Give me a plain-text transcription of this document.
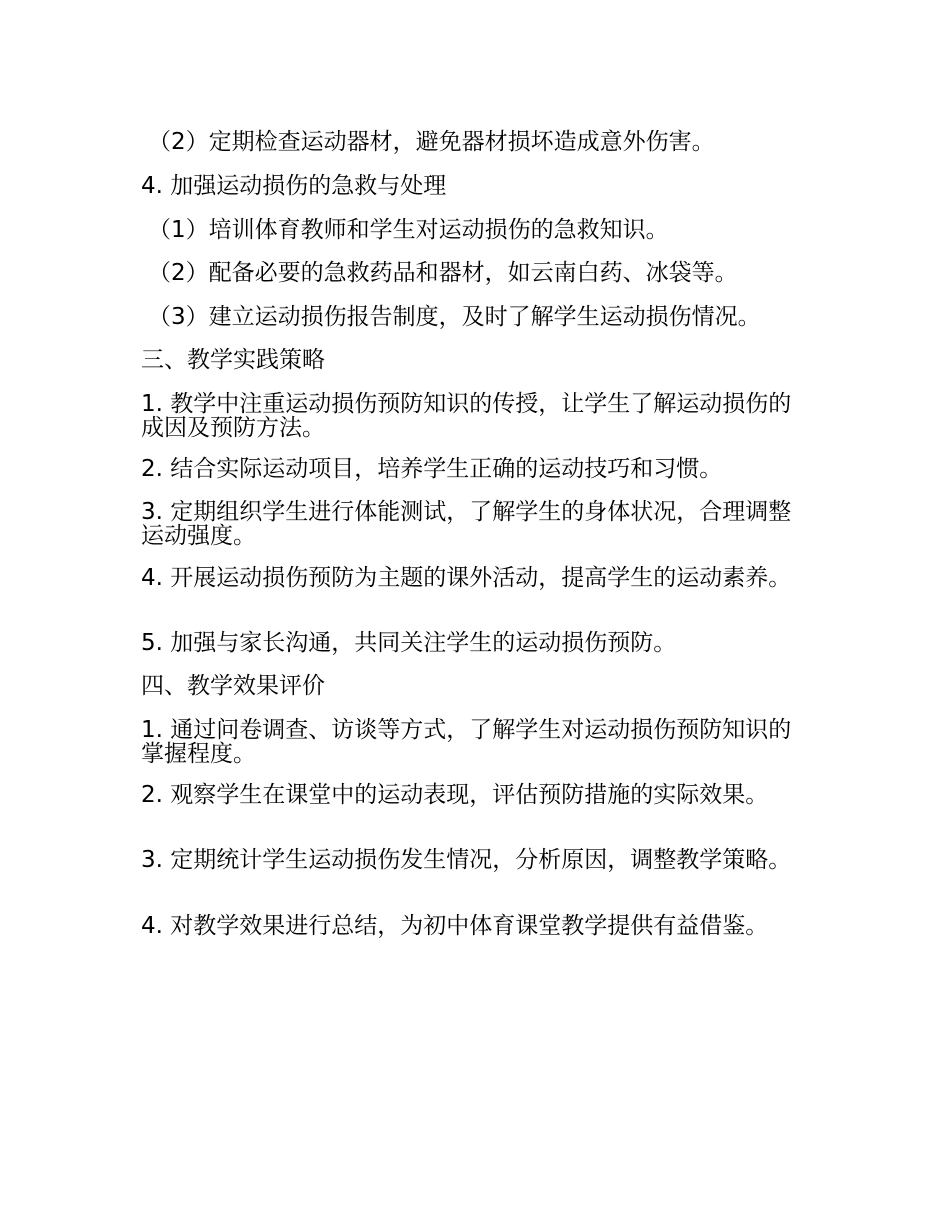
（2）定期检查运动器材，避免器材损坏造成意外伤害。
4. 加强运动损伤的急救与处理
（1）培训体育教师和学生对运动损伤的急救知识。
（2）配备必要的急救药品和器材，如云南白药、冰袋等。
（3）建立运动损伤报告制度，及时了解学生运动损伤情况。
三、教学实践策略
1. 教学中注重运动损伤预防知识的传授，让学生了解运动损伤的成因及预防方法。
2. 结合实际运动项目，培养学生正确的运动技巧和习惯。
3. 定期组织学生进行体能测试，了解学生的身体状况，合理调整运动强度。
4. 开展运动损伤预防为主题的课外活动，提高学生的运动素养。
5. 加强与家长沟通，共同关注学生的运动损伤预防。
四、教学效果评价
1. 通过问卷调查、访谈等方式，了解学生对运动损伤预防知识的掌握程度。
2. 观察学生在课堂中的运动表现，评估预防措施的实际效果。
3. 定期统计学生运动损伤发生情况，分析原因，调整教学策略。
4. 对教学效果进行总结，为初中体育课堂教学提供有益借鉴。
